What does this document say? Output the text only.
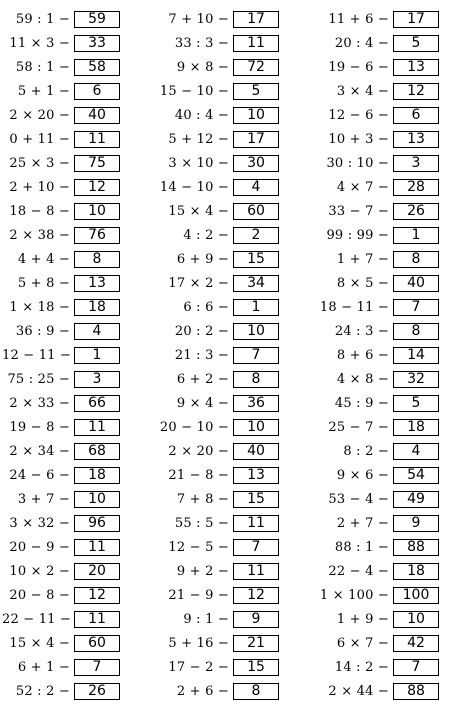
59 : 1 −	59
11 × 3 −	33
58 : 1 −	58
5 + 1 −	6
2 × 20 −	40
0 + 11 −	11
25 × 3 −	75
2 + 10 −	12
18 − 8 −	10
2 × 38 −	76
4 + 4 −	8
5 + 8 −	13
1 × 18 −	18
36 : 9 −	4
12 − 11 −	1
75 : 25 −	3
2 × 33 −	66
19 − 8 −	11
2 × 34 −	68
24 − 6 −	18
3 + 7 −	10
3 × 32 −	96
20 − 9 −	11
10 × 2 −	20
20 − 8 −	12
22 − 11 −	11
15 × 4 −	60
6 + 1 −	7
52 : 2 −	26
7 + 10 −	17
33 : 3 −	11
9 × 8 −	72
15 − 10 −	5
40 : 4 −	10
5 + 12 −	17
3 × 10 −	30
14 − 10 −	4
15 × 4 −	60
4 : 2 −	2
6 + 9 −	15
17 × 2 −	34
6 : 6 −	1
20 : 2 −	10
21 : 3 −	7
6 + 2 −	8
9 × 4 −	36
20 − 10 −	10
2 × 20 −	40
21 − 8 −	13
7 + 8 −	15
55 : 5 −	11
12 − 5 −	7
9 + 2 −	11
21 − 9 −	12
9 : 1 −	9
5 + 16 −	21
17 − 2 −	15
2 + 6 −	8
11 + 6 −	17
20 : 4 −	5
19 − 6 −	13
3 × 4 −	12
12 − 6 −	6
10 + 3 −	13
30 : 10 −	3
4 × 7 −	28
33 − 7 −	26
99 : 99 −	1
1 + 7 −	8
8 × 5 −	40
18 − 11 −	7
24 : 3 −	8
8 + 6 −	14
4 × 8 −	32
45 : 9 −	5
25 − 7 −	18
8 : 2 −	4
9 × 6 −	54
53 − 4 −	49
2 + 7 −	9
88 : 1 −	88
22 − 4 −	18
1 × 100 − 100
1 + 9 −	10
6 × 7 −	42
14 : 2 −	7
2 × 44 −	88
